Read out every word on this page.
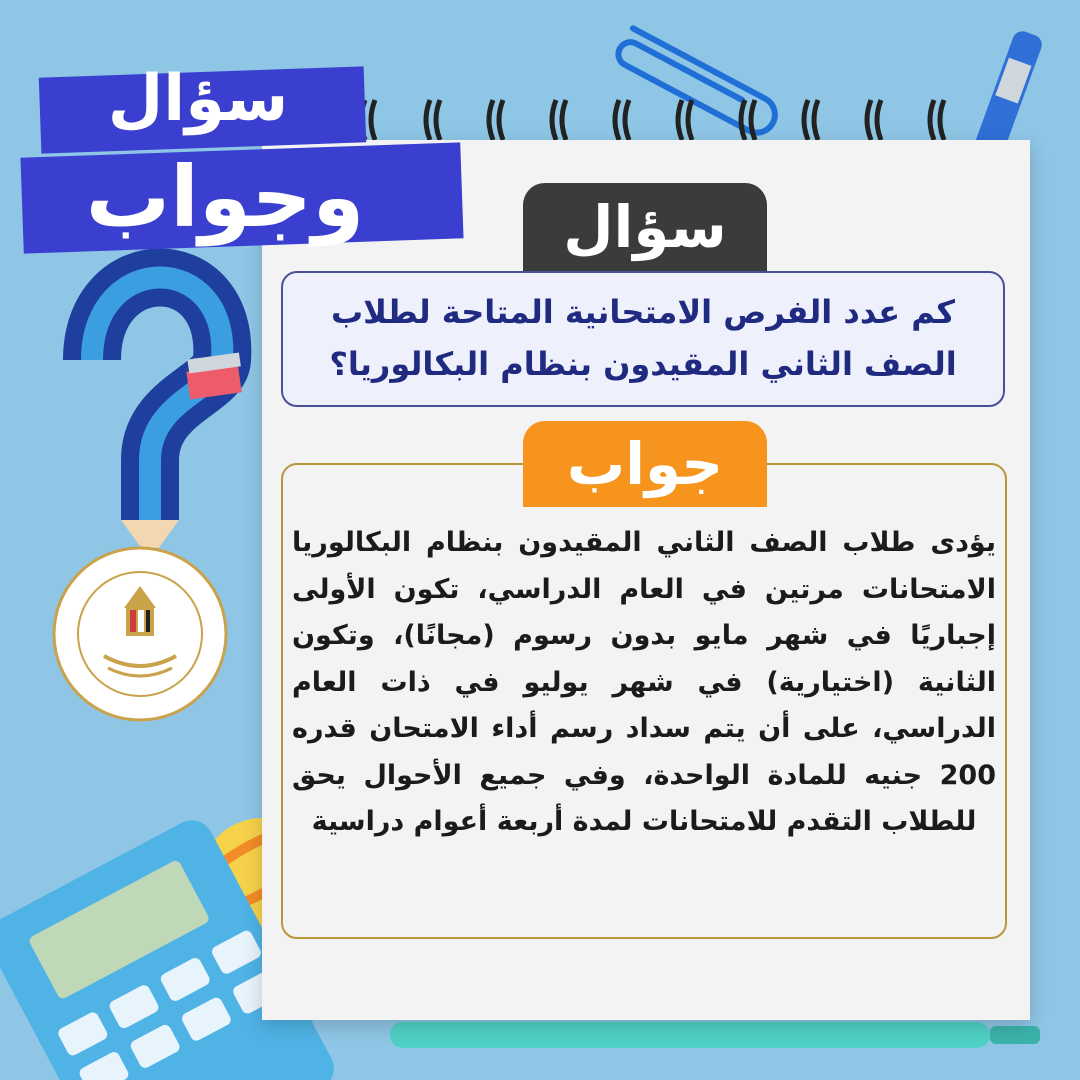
سؤال
وجواب	سؤال
كم عدد الفرص الامتحانية المتاحة لطلاب الصف الثاني المقيدون بنظام البكالوريا؟
جواب
يؤدى طلاب الصف الثاني المقيدون بنظام البكالوريا الامتحانات مرتين في العام الدراسي، تكون الأولى إجباريًا في شهر مايو بدون رسوم (مجانًا)، وتكون الثانية (اختيارية) في شهر يوليو في ذات العام الدراسي، على أن يتم سداد رسم أداء الامتحان قدره 200 جنيه للمادة الواحدة، وفي جميع الأحوال يحق للطلاب التقدم للامتحانات لمدة أربعة أعوام دراسية
